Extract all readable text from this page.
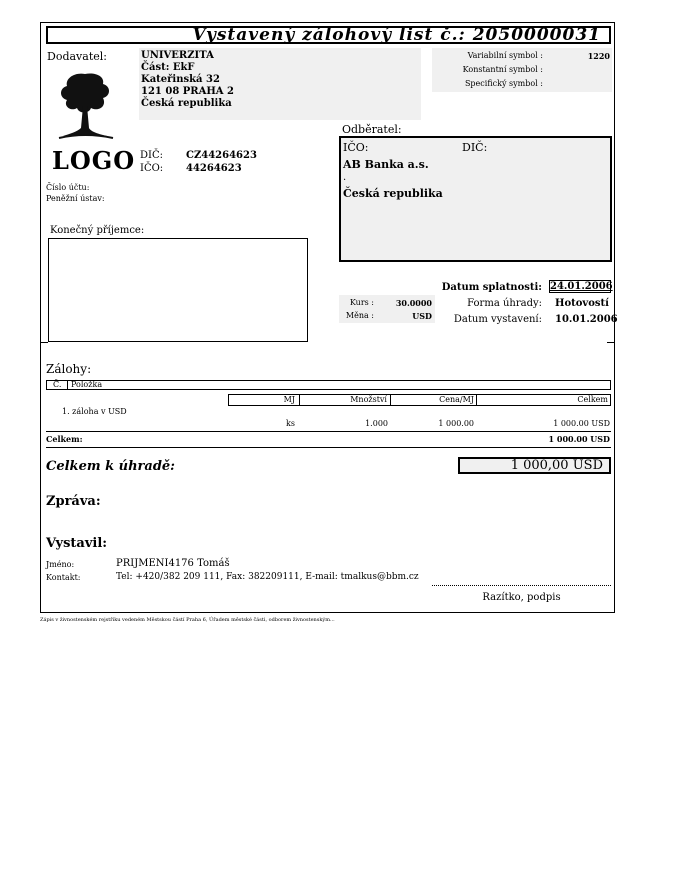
Vystavený zálohový list č.: 2050000031
Dodavatel:	UNIVERZITA
Část: EkF
Kateřinská 32
121 08 PRAHA 2
Česká republika
LOGO DIČ: CZ44264623
IČO: 44264623
Číslo účtu:
Peněžní ústav:
Variabilní symbol :	1220
Konstantní symbol :
Specifický symbol :
Odběratel:
IČO:	DIČ:
AB Banka a.s.
.
Česká republika
Konečný příjemce:
Kurs :	30.0000
Měna :	USD
Datum splatnosti: 24.01.2006
Forma úhrady: Hotovostí
Datum vystavení: 10.01.2006
Zálohy:
Č. Položka
MJ	Množství	Cena/MJ	Celkem
1. záloha v USD
ks	1.000	1 000.00	1 000.00 USD
Celkem:	1 000.00 USD
Celkem k úhradě:	1 000,00 USD
Zpráva:
Vystavil:
Jméno:	PRIJMENI4176 Tomáš
Kontakt:	Tel: +420/382 209 111, Fax: 382209111, E-mail: tmalkus@bbm.cz
Razítko, podpis
Zápis v živnostenském rejstříku vedeném Městskou částí Praha 6, Úřadem městské části, odborem živnostenským...
